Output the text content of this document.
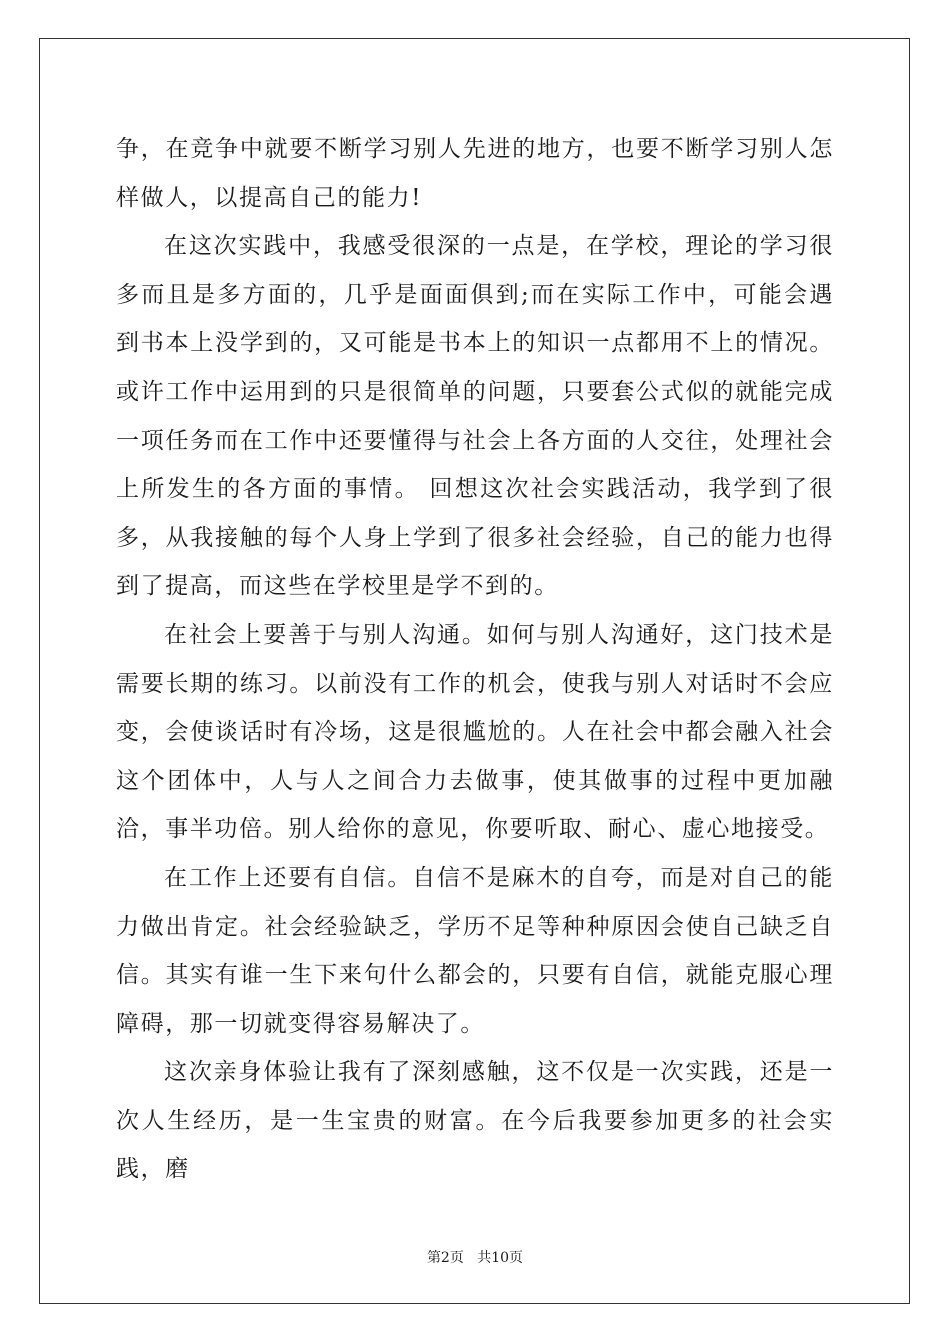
争，在竞争中就要不断学习别人先进的地方，也要不断学习别人怎样做人，以提高自己的能力!

在这次实践中，我感受很深的一点是，在学校，理论的学习很多而且是多方面的，几乎是面面俱到;而在实际工作中，可能会遇到书本上没学到的，又可能是书本上的知识一点都用不上的情况。或许工作中运用到的只是很简单的问题，只要套公式似的就能完成一项任务而在工作中还要懂得与社会上各方面的人交往，处理社会上所发生的各方面的事情。 回想这次社会实践活动，我学到了很多，从我接触的每个人身上学到了很多社会经验，自己的能力也得到了提高，而这些在学校里是学不到的。

在社会上要善于与别人沟通。如何与别人沟通好，这门技术是需要长期的练习。以前没有工作的机会，使我与别人对话时不会应变，会使谈话时有冷场，这是很尴尬的。人在社会中都会融入社会这个团体中，人与人之间合力去做事，使其做事的过程中更加融洽，事半功倍。别人给你的意见，你要听取、耐心、虚心地接受。

在工作上还要有自信。自信不是麻木的自夸，而是对自己的能力做出肯定。社会经验缺乏，学历不足等种种原因会使自己缺乏自信。其实有谁一生下来句什么都会的，只要有自信，就能克服心理障碍，那一切就变得容易解决了。

这次亲身体验让我有了深刻感触，这不仅是一次实践，还是一次人生经历，是一生宝贵的财富。在今后我要参加更多的社会实践，磨

第2页 共10页
